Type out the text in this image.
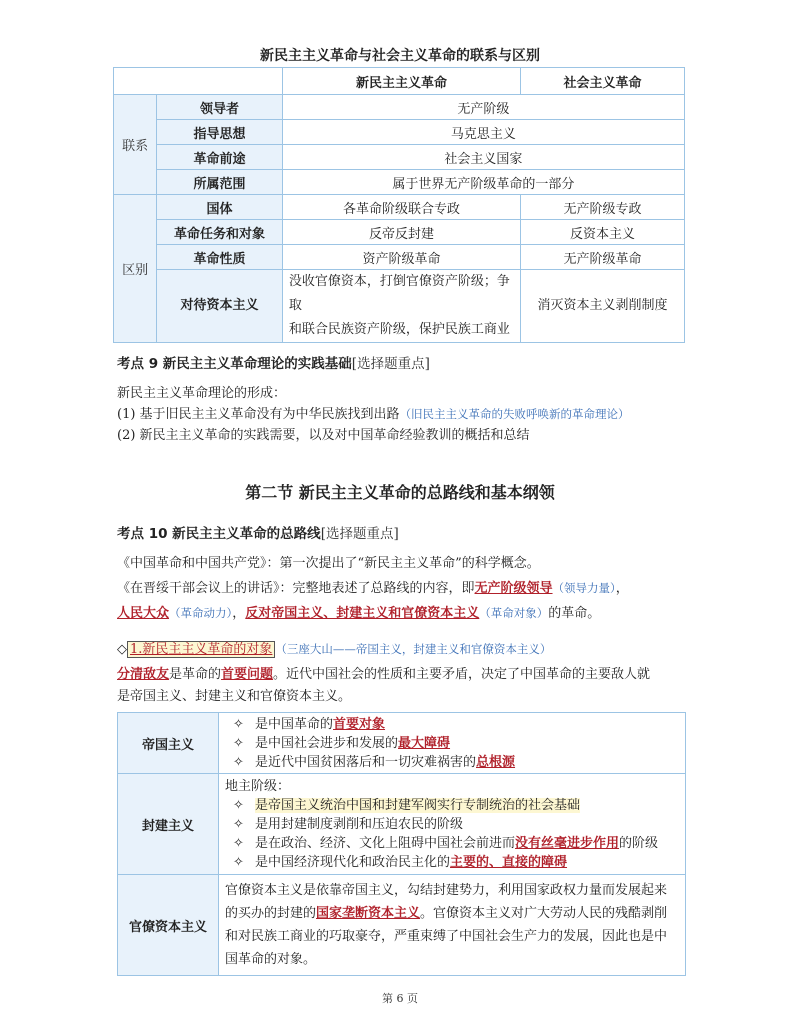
新民主主义革命与社会主义革命的联系与区别
		新民主主义革命	社会主义革命
联系	领导者	无产阶级	
	指导思想	马克思主义	
	革命前途	社会主义国家	
	所属范围	属于世界无产阶级革命的一部分	
区别	国体	各革命阶级联合专政	无产阶级专政
	革命任务和对象	反帝反封建	反资本主义
	革命性质	资产阶级革命	无产阶级革命
	对待资本主义	没收官僚资本，打倒官僚资产阶级；争取
和联合民族资产阶级，保护民族工商业	消灭资本主义剥削制度
考点 9 新民主主义革命理论的实践基础[选择题重点]

新民主主义革命理论的形成：

(1) 基于旧民主主义革命没有为中华民族找到出路（旧民主主义革命的失败呼唤新的革命理论）

(2) 新民主主义革命的实践需要，以及对中国革命经验教训的概括和总结

第二节 新民主主义革命的总路线和基本纲领
考点 10 新民主主义革命的总路线[选择题重点]

《中国革命和中国共产党》：第一次提出了“新民主主义革命”的科学概念。

《在晋绥干部会议上的讲话》：完整地表述了总路线的内容，即无产阶级领导（领导力量），

人民大众（革命动力），反对帝国主义、封建主义和官僚资本主义（革命对象）的革命。

◇ 1.新民主主义革命的对象 （三座大山——帝国主义，封建主义和官僚资本主义）

分清敌友是革命的首要问题。近代中国社会的性质和主要矛盾，决定了中国革命的主要敌人就

是帝国主义、封建主义和官僚资本主义。

帝国主义	✧ 是中国革命的首要对象
✧ 是中国社会进步和发展的最大障碍
✧ 是近代中国贫困落后和一切灾难祸害的总根源

封建主义	地主阶级：
✧ 是帝国主义统治中国和封建军阀实行专制统治的社会基础
✧ 是用封建制度剥削和压迫农民的阶级
✧ 是在政治、经济、文化上阻碍中国社会前进而没有丝毫进步作用的阶级
✧ 是中国经济现代化和政治民主化的主要的、直接的障碍

官僚资本主义	官僚资本主义是依靠帝国主义，勾结封建势力，利用国家政权力量而发展起来
的买办的封建的国家垄断资本主义。官僚资本主义对广大劳动人民的残酷剥削
和对民族工商业的巧取豪夺，严重束缚了中国社会生产力的发展，因此也是中
国革命的对象。
第 6 页
